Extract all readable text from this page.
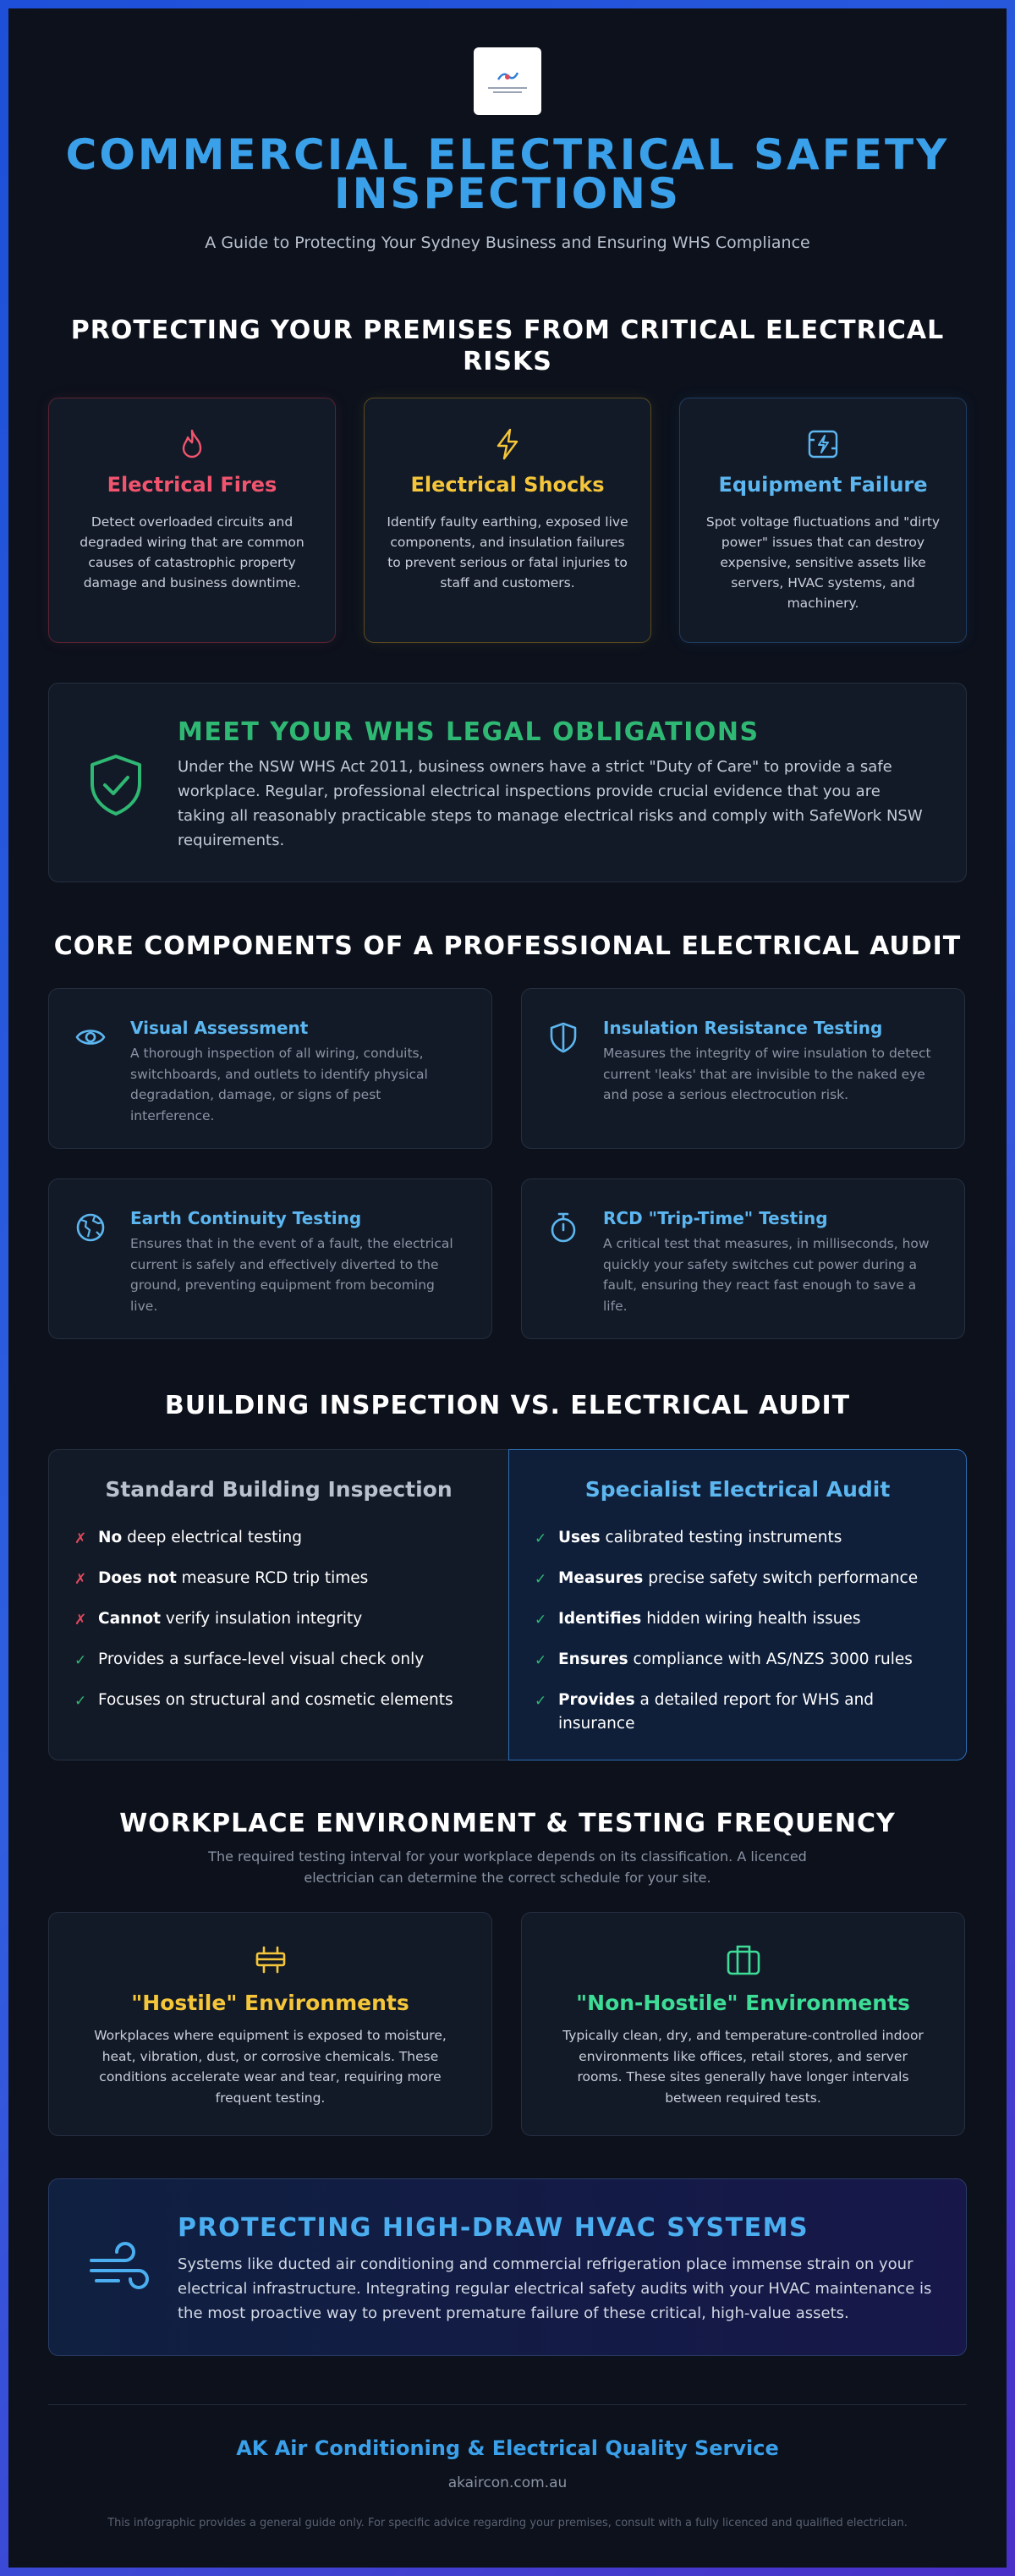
COMMERCIAL ELECTRICAL SAFETY INSPECTIONS
A Guide to Protecting Your Sydney Business and Ensuring WHS Compliance
PROTECTING YOUR PREMISES FROM CRITICAL ELECTRICAL RISKS
Electrical Fires

Detect overloaded circuits and degraded wiring that are common causes of catastrophic property damage and business downtime.

Electrical Shocks

Identify faulty earthing, exposed live components, and insulation failures to prevent serious or fatal injuries to staff and customers.

Equipment Failure

Spot voltage fluctuations and "dirty power" issues that can destroy expensive, sensitive assets like servers, HVAC systems, and machinery.

MEET YOUR WHS LEGAL OBLIGATIONS

Under the NSW WHS Act 2011, business owners have a strict "Duty of Care" to provide a safe workplace. Regular, professional electrical inspections provide crucial evidence that you are taking all reasonably practicable steps to manage electrical risks and comply with SafeWork NSW requirements.

CORE COMPONENTS OF A PROFESSIONAL ELECTRICAL AUDIT
Visual Assessment

A thorough inspection of all wiring, conduits, switchboards, and outlets to identify physical degradation, damage, or signs of pest interference.

Insulation Resistance Testing

Measures the integrity of wire insulation to detect current 'leaks' that are invisible to the naked eye and pose a serious electrocution risk.

Earth Continuity Testing

Ensures that in the event of a fault, the electrical current is safely and effectively diverted to the ground, preventing equipment from becoming live.

RCD "Trip-Time" Testing

A critical test that measures, in milliseconds, how quickly your safety switches cut power during a fault, ensuring they react fast enough to save a life.

BUILDING INSPECTION VS. ELECTRICAL AUDIT
Standard Building Inspection
✗ No deep electrical testing
✗ Does not measure RCD trip times
✗ Cannot verify insulation integrity
✓ Provides a surface-level visual check only
✓ Focuses on structural and cosmetic elements
Specialist Electrical Audit
✓ Uses calibrated testing instruments
✓ Measures precise safety switch performance
✓ Identifies hidden wiring health issues
✓ Ensures compliance with AS/NZS 3000 rules
✓ Provides a detailed report for WHS and insurance
WORKPLACE ENVIRONMENT & TESTING FREQUENCY

The required testing interval for your workplace depends on its classification. A licenced electrician can determine the correct schedule for your site.

"Hostile" Environments

Workplaces where equipment is exposed to moisture, heat, vibration, dust, or corrosive chemicals. These conditions accelerate wear and tear, requiring more frequent testing.

"Non-Hostile" Environments

Typically clean, dry, and temperature-controlled indoor environments like offices, retail stores, and server rooms. These sites generally have longer intervals between required tests.

PROTECTING HIGH-DRAW HVAC SYSTEMS

Systems like ducted air conditioning and commercial refrigeration place immense strain on your electrical infrastructure. Integrating regular electrical safety audits with your HVAC maintenance is the most proactive way to prevent premature failure of these critical, high-value assets.

AK Air Conditioning & Electrical Quality Service
akaircon.com.au
This infographic provides a general guide only. For specific advice regarding your premises, consult with a fully licenced and qualified electrician.
